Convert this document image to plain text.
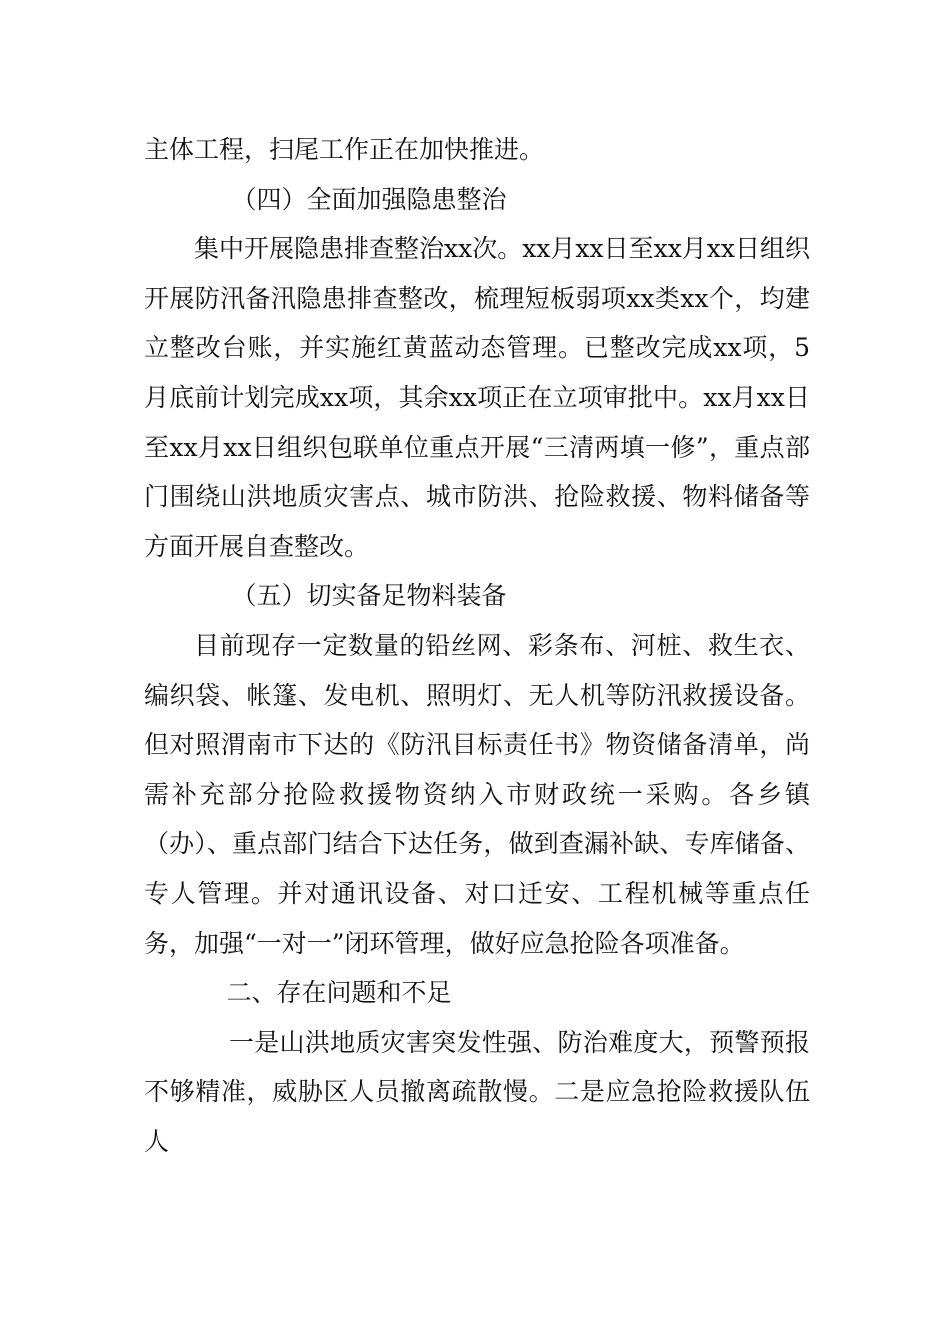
主体工程，扫尾工作正在加快推进。

（四）全面加强隐患整治

集中开展隐患排查整治xx次。xx月xx日至xx月xx日组织开展防汛备汛隐患排查整改，梳理短板弱项xx类xx个，均建立整改台账，并实施红黄蓝动态管理。已整改完成xx项，5月底前计划完成xx项，其余xx项正在立项审批中。xx月xx日至xx月xx日组织包联单位重点开展“三清两填一修”，重点部门围绕山洪地质灾害点、城市防洪、抢险救援、物料储备等方面开展自查整改。

（五）切实备足物料装备

目前现存一定数量的铅丝网、彩条布、河桩、救生衣、编织袋、帐篷、发电机、照明灯、无人机等防汛救援设备。但对照渭南市下达的《防汛目标责任书》物资储备清单，尚需补充部分抢险救援物资纳入市财政统一采购。各乡镇（办）、重点部门结合下达任务，做到查漏补缺、专库储备、专人管理。并对通讯设备、对口迁安、工程机械等重点任务，加强“一对一”闭环管理，做好应急抢险各项准备。

二、存在问题和不足

一是山洪地质灾害突发性强、防治难度大，预警预报不够精准，威胁区人员撤离疏散慢。二是应急抢险救援队伍人
